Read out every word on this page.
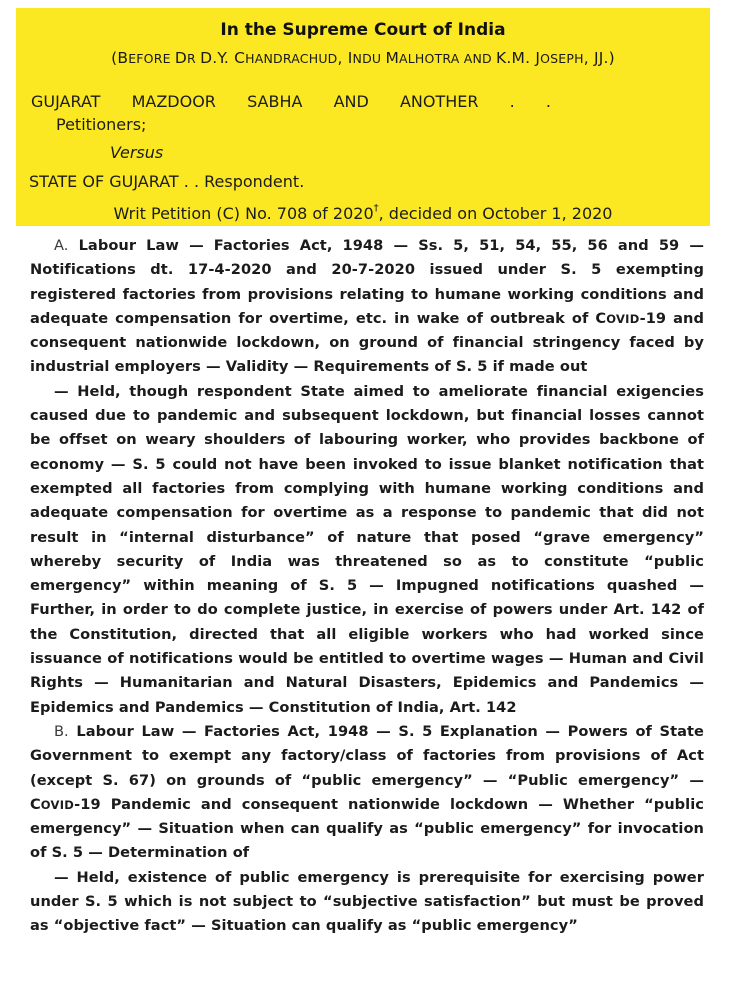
In the Supreme Court of India
(BEFORE DR D.Y. CHANDRACHUD, INDU MALHOTRA AND K.M. JOSEPH, JJ.)
GUJARAT MAZDOOR SABHA AND ANOTHER . .
Petitioners;
Versus
STATE OF GUJARAT . . Respondent.
Writ Petition (C) No. 708 of 2020†, decided on October 1, 2020

A. Labour Law — Factories Act, 1948 — Ss. 5, 51, 54, 55, 56 and 59 — Notifications dt. 17-4-2020 and 20-7-2020 issued under S. 5 exempting registered factories from provisions relating to humane working conditions and adequate compensation for overtime, etc. in wake of outbreak of COVID-19 and consequent nationwide lockdown, on ground of financial stringency faced by industrial employers — Validity — Requirements of S. 5 if made out

— Held, though respondent State aimed to ameliorate financial exigencies caused due to pandemic and subsequent lockdown, but financial losses cannot be offset on weary shoulders of labouring worker, who provides backbone of economy — S. 5 could not have been invoked to issue blanket notification that exempted all factories from complying with humane working conditions and adequate compensation for overtime as a response to pandemic that did not result in “internal disturbance” of nature that posed “grave emergency” whereby security of India was threatened so as to constitute “public emergency” within meaning of S. 5 — Impugned notifications quashed — Further, in order to do complete justice, in exercise of powers under Art. 142 of the Constitution, directed that all eligible workers who had worked since issuance of notifications would be entitled to overtime wages — Human and Civil Rights — Humanitarian and Natural Disasters, Epidemics and Pandemics — Epidemics and Pandemics — Constitution of India, Art. 142

B. Labour Law — Factories Act, 1948 — S. 5 Explanation — Powers of State Government to exempt any factory/class of factories from provisions of Act (except S. 67) on grounds of “public emergency” — “Public emergency” — COVID-19 Pandemic and consequent nationwide lockdown — Whether “public emergency” — Situation when can qualify as “public emergency” for invocation of S. 5 — Determination of

— Held, existence of public emergency is prerequisite for exercising power under S. 5 which is not subject to “subjective satisfaction” but must be proved as “objective fact” — Situation can qualify as “public emergency”
